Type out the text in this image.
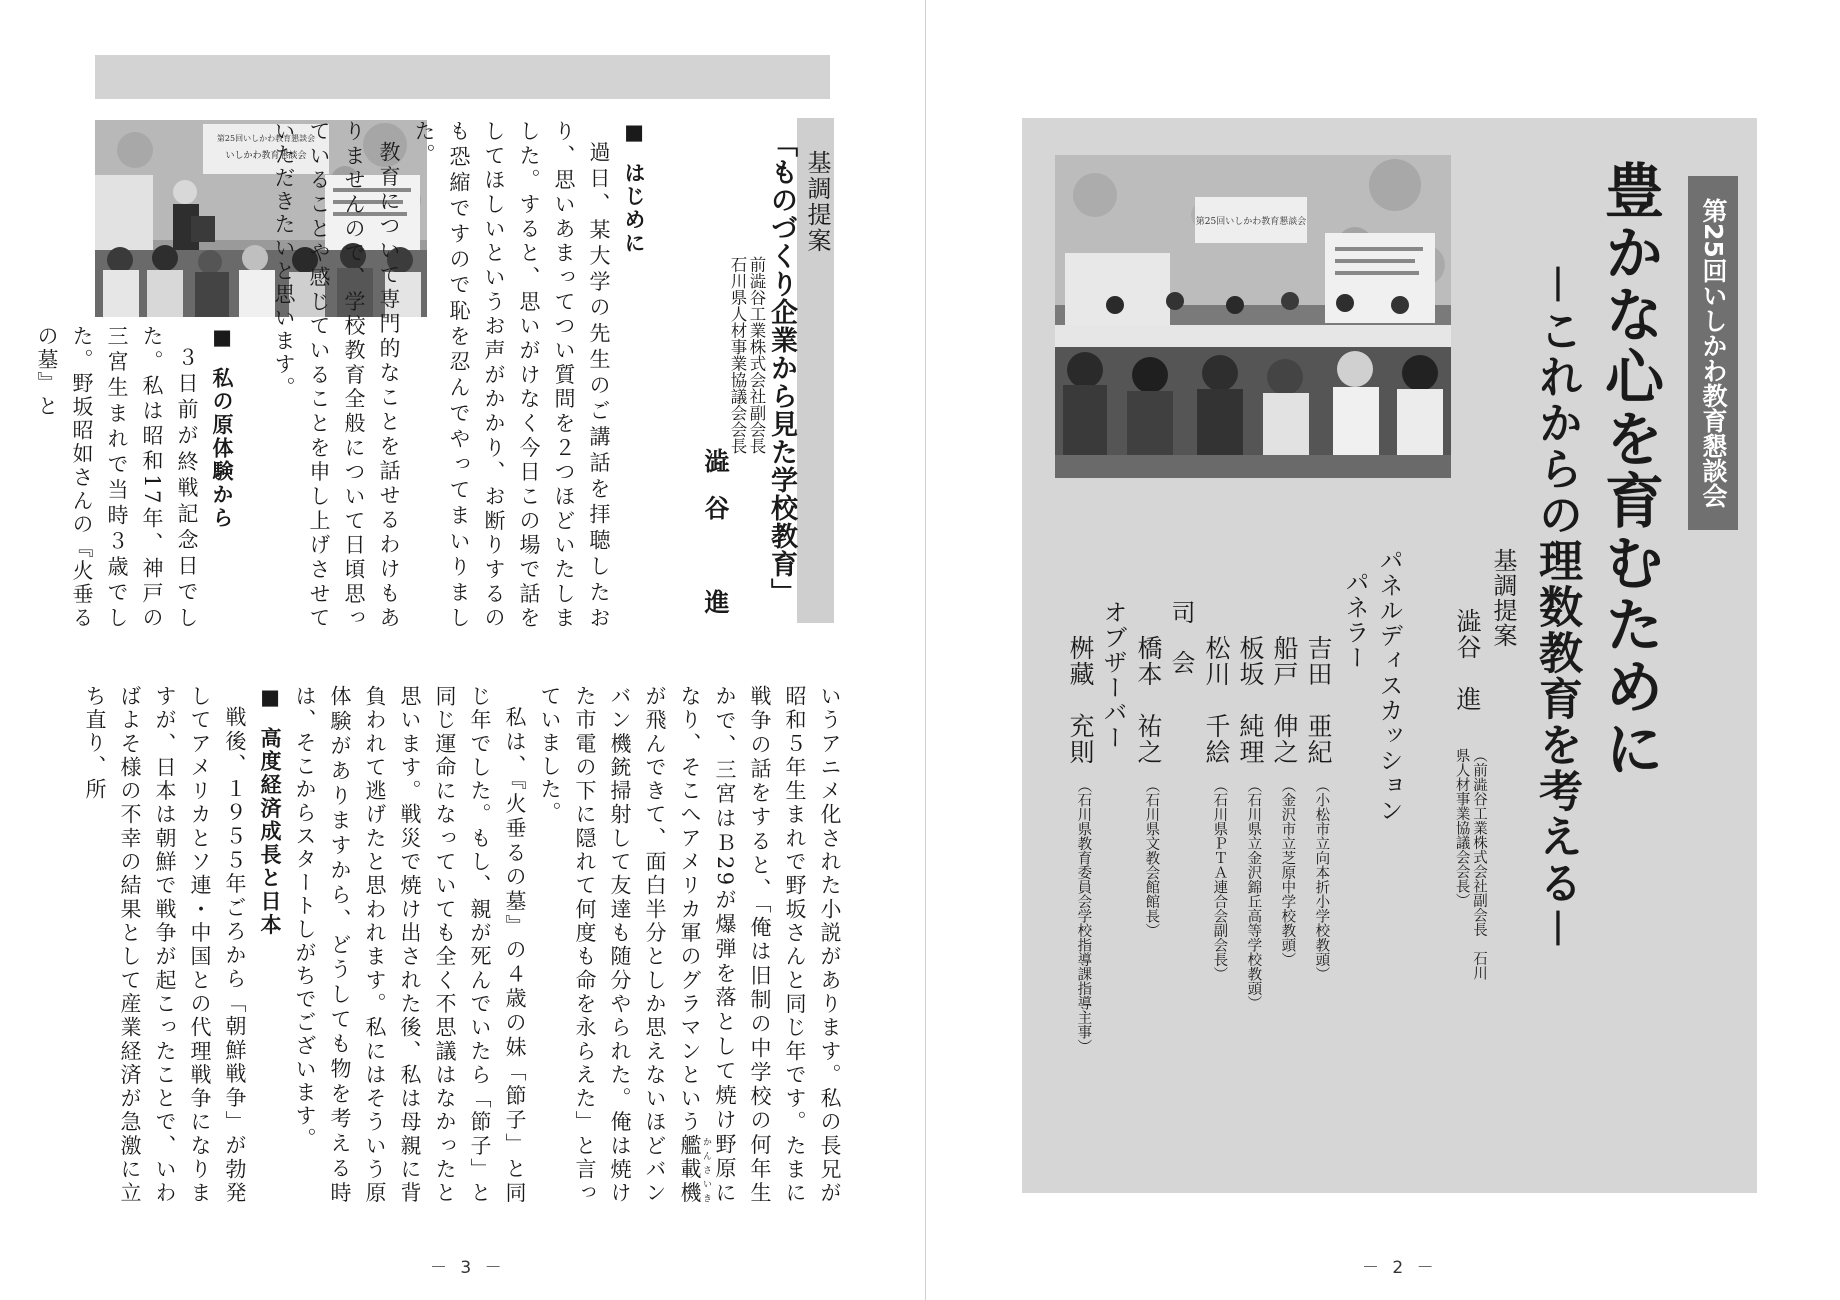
第25回いしかわ教育懇談会
いしかわ教育懇談会	基調提案
「ものづくり企業から見た学校教育」
前澁谷工業株式会社副会長
石川県人材事業協議会会長
澁谷　進

■ はじめに

過日、某大学の先生のご講話を拝聴したおり、思いあまってつい質問を２つほどいたしました。すると、思いがけなく今日この場で話をしてほしいというお声がかかり、お断りするのも恐縮ですので恥を忍んでやってまいりました。

教育について専門的なことを話せるわけもありませんので、学校教育全般について日頃思っていることや感じていることを申し上げさせていただきたいと思います。

■ 私の原体験から

３日前が終戦記念日でした。私は昭和17年、神戸の三宮生まれで当時３歳でした。野坂昭如さんの『火垂るの墓』と

いうアニメ化された小説があります。私の長兄が昭和５年生まれで野坂さんと同じ年です。たまに戦争の話をすると、「俺は旧制の中学校の何年生かで、三宮はＢ29が爆弾を落として焼け野原になり、そこへアメリカ軍のグラマンという艦載機 かんさいきが飛んできて、面白半分としか思えないほどバンバン機銃掃射して友達も随分やられた。俺は焼けた市電の下に隠れて何度も命を永らえた」と言っていました。

私は、『火垂るの墓』の４歳の妹「節子」と同じ年でした。もし、親が死んでいたら「節子」と同じ運命になっていても全く不思議はなかったと思います。戦災で焼け出された後、私は母親に背負われて逃げたと思われます。私にはそういう原体験がありますから、どうしても物を考える時は、そこからスタートしがちでございます。

■ 高度経済成長と日本

戦後、１９５５年ごろから「朝鮮戦争」が勃発してアメリカとソ連・中国との代理戦争になりますが、日本は朝鮮で戦争が起こったことで、いわばよそ様の不幸の結果として産業経済が急激に立ち直り、所

－ 3 －
第25回いしかわ教育懇談会	第25回いしかわ教育懇談会
豊かな心を育むために
－これからの理数教育を考える－
基調提案
澁谷　進
（前澁谷工業株式会社副会長　石川県人材事業協議会会長）
パネルディスカッション
パネラー
吉田　亜紀
（小松市立向本折小学校教頭）
船戸　伸之
（金沢市立芝原中学校教頭）
板坂　純理
（石川県立金沢錦丘高等学校教頭）
松川　千絵
（石川県ＰＴＡ連合会副会長）
司　会
橋本　祐之
（石川県文教会館館長）
オブザーバー
桝藏　充則
（石川県教育委員会学校指導課指導主事）
－ 2 －
